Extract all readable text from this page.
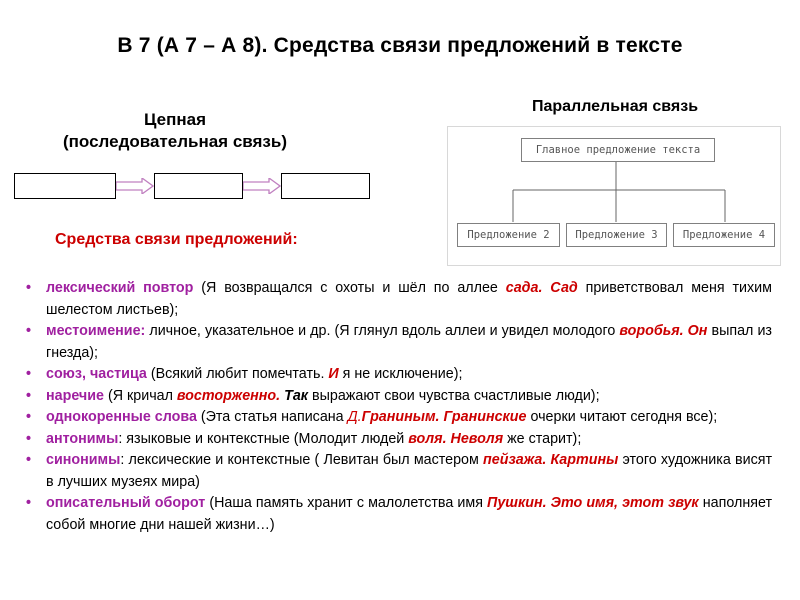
В 7 (А 7 – А 8). Средства связи предложений в тексте
Цепная
(последовательная связь)
Параллельная связь
Главное предложение текста
Предложение 2	Предложение 3	Предложение 4
Средства связи предложений:
• лексический повтор (Я возвращался с охоты и шёл по аллее сада. Сад приветствовал меня тихим шелестом листьев);
• местоимение: личное, указательное и др. (Я глянул вдоль аллеи и увидел молодого воробья. Он выпал из гнезда);
• союз, частица (Всякий любит помечтать. И я не исключение);
• наречие (Я кричал восторженно. Так выражают свои чувства счастливые люди);
• однокоренные слова (Эта статья написана Д.Граниным. Гранинские очерки читают сегодня все);
• антонимы: языковые и контекстные (Молодит людей воля. Неволя же старит);
• синонимы: лексические и контекстные ( Левитан был мастером пейзажа. Картины этого художника висят в лучших музеях мира)
• описательный оборот (Наша память хранит с малолетства имя Пушкин. Это имя, этот звук наполняет собой многие дни нашей жизни…)
